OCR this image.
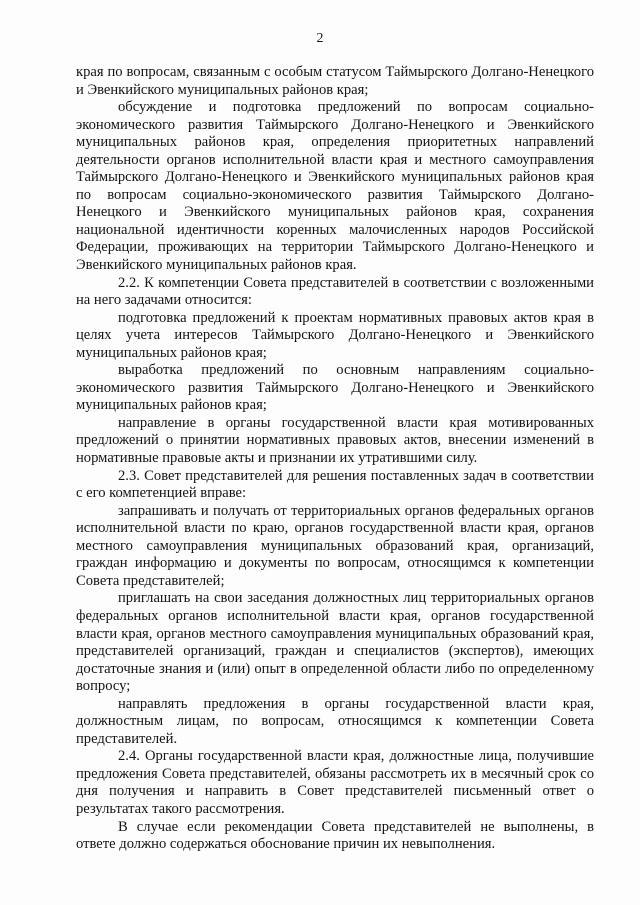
2

края по вопросам, связанным с особым статусом Таймырского Долгано-Ненецкого и Эвенкийского муниципальных районов края;

обсуждение и подготовка предложений по вопросам социально-экономического развития Таймырского Долгано-Ненецкого и Эвенкийского муниципальных районов края, определения приоритетных направлений деятельности органов исполнительной власти края и местного самоуправления Таймырского Долгано-Ненецкого и Эвенкийского муниципальных районов края по вопросам социально-экономического развития Таймырского Долгано-Ненецкого и Эвенкийского муниципальных районов края, сохранения национальной идентичности коренных малочисленных народов Российской Федерации, проживающих на территории Таймырского Долгано-Ненецкого и Эвенкийского муниципальных районов края.

2.2. К компетенции Совета представителей в соответствии с возложенными на него задачами относится:

подготовка предложений к проектам нормативных правовых актов края в целях учета интересов Таймырского Долгано-Ненецкого и Эвенкийского муниципальных районов края;

выработка предложений по основным направлениям социально-экономического развития Таймырского Долгано-Ненецкого и Эвенкийского муниципальных районов края;

направление в органы государственной власти края мотивированных предложений о принятии нормативных правовых актов, внесении изменений в нормативные правовые акты и признании их утратившими силу.

2.3. Совет представителей для решения поставленных задач в соответствии с его компетенцией вправе:

запрашивать и получать от территориальных органов федеральных органов исполнительной власти по краю, органов государственной власти края, органов местного самоуправления муниципальных образований края, организаций, граждан информацию и документы по вопросам, относящимся к компетенции Совета представителей;

приглашать на свои заседания должностных лиц территориальных органов федеральных органов исполнительной власти края, органов государственной власти края, органов местного самоуправления муниципальных образований края, представителей организаций, граждан и специалистов (экспертов), имеющих достаточные знания и (или) опыт в определенной области либо по определенному вопросу;

направлять предложения в органы государственной власти края, должностным лицам, по вопросам, относящимся к компетенции Совета представителей.

2.4. Органы государственной власти края, должностные лица, получившие предложения Совета представителей, обязаны рассмотреть их в месячный срок со дня получения и направить в Совет представителей письменный ответ о результатах такого рассмотрения.

В случае если рекомендации Совета представителей не выполнены, в ответе должно содержаться обоснование причин их невыполнения.
